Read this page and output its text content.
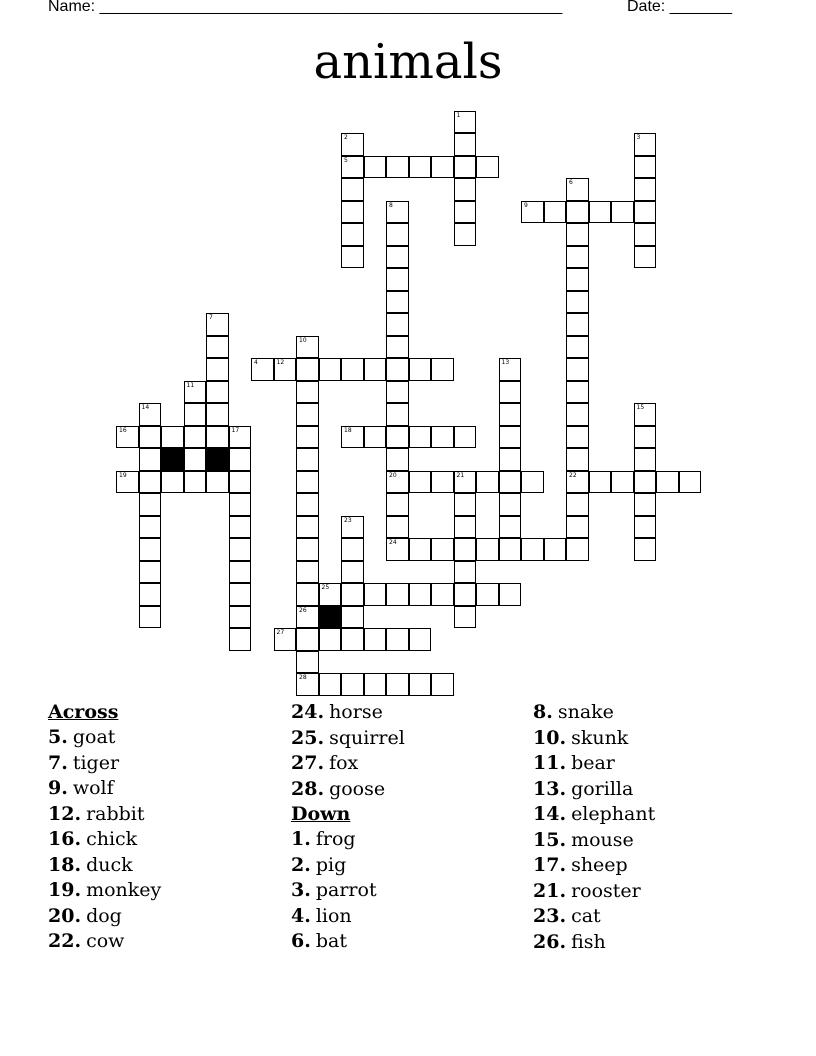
Name: ____________________________________________________	Date: _______
animals
7
4	12
17
16
19
14
11
10
2
5
1
8
20
18
21
24
13
9
6
22
3
15
23
25
26
28
27
Across
5. goat
7. tiger
9. wolf
12. rabbit
16. chick
18. duck
19. monkey
20. dog
22. cow
24. horse
25. squirrel
27. fox
28. goose
Down
1. frog
2. pig
3. parrot
4. lion
6. bat
8. snake
10. skunk
11. bear
13. gorilla
14. elephant
15. mouse
17. sheep
21. rooster
23. cat
26. fish
